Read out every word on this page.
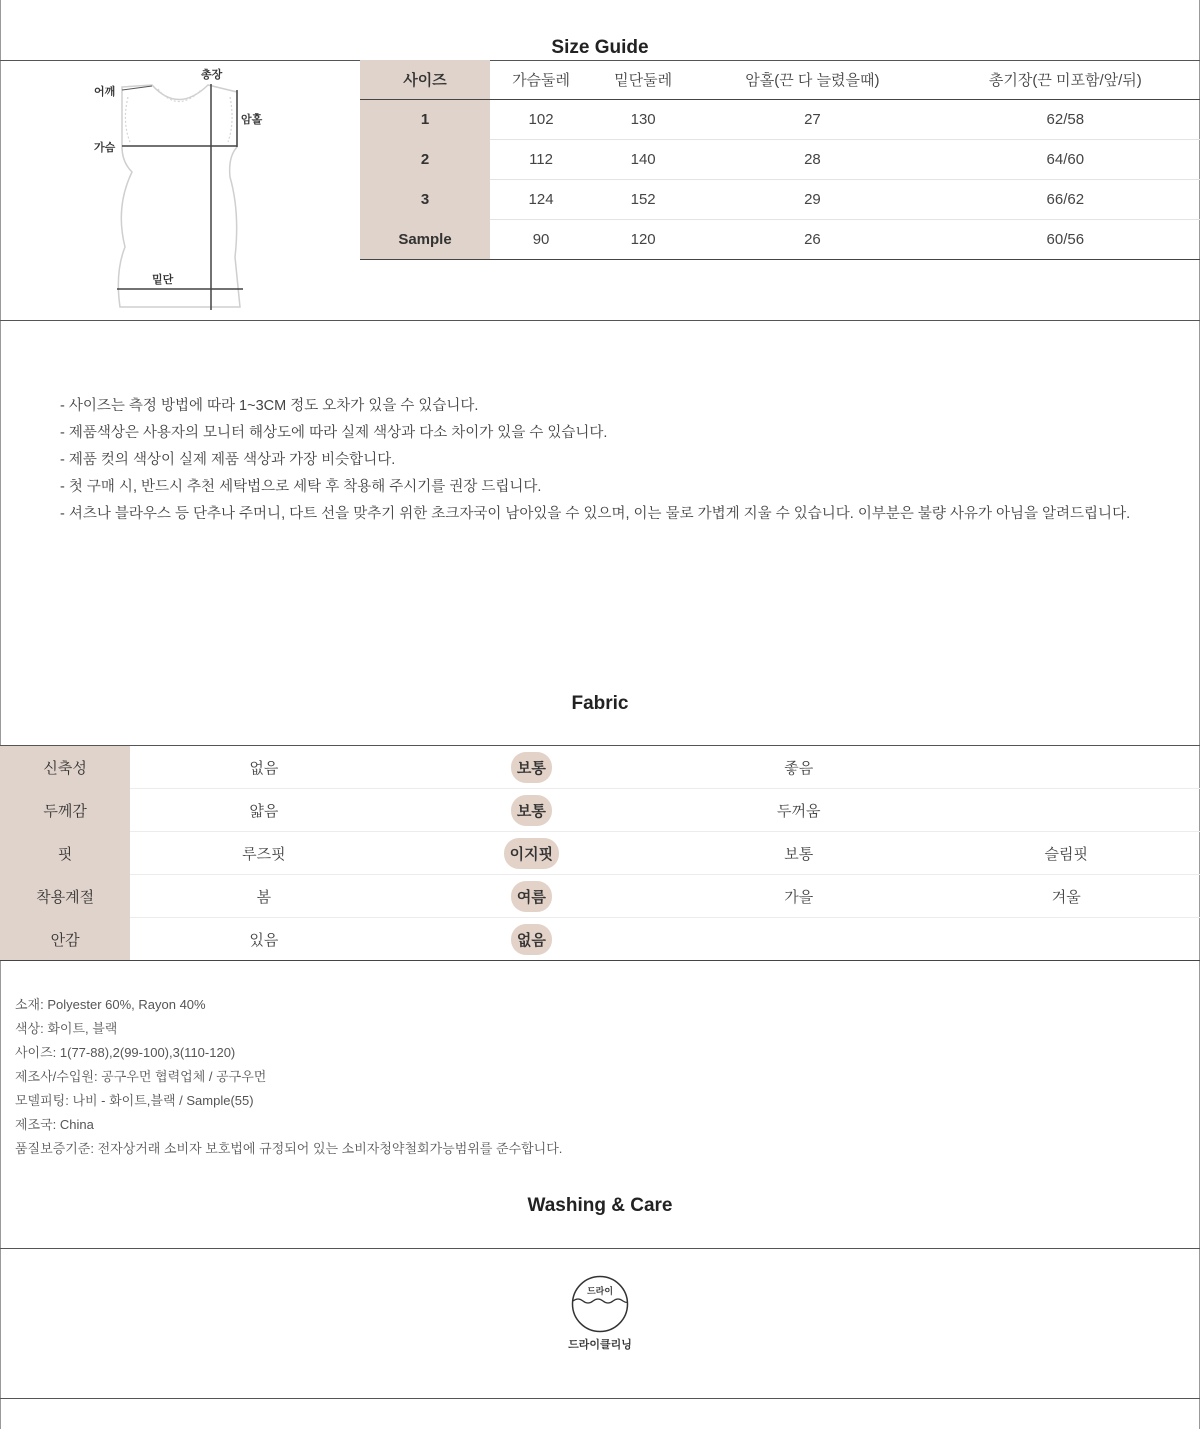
Size Guide
어깨
총장
암홀
가슴
밑단
사이즈	가슴둘레	밑단둘레	암홀(끈 다 늘렸을때)	총기장(끈 미포함/앞/뒤)
1	102	130	27	62/58
2	112	140	28	64/60
3	124	152	29	66/62
Sample	90	120	26	60/56
- 사이즈는 측정 방법에 따라 1~3CM 정도 오차가 있을 수 있습니다.
- 제품색상은 사용자의 모니터 해상도에 따라 실제 색상과 다소 차이가 있을 수 있습니다.
- 제품 컷의 색상이 실제 제품 색상과 가장 비슷합니다.
- 첫 구매 시, 반드시 추천 세탁법으로 세탁 후 착용해 주시기를 권장 드립니다.
- 셔츠나 블라우스 등 단추나 주머니, 다트 선을 맞추기 위한 초크자국이 남아있을 수 있으며, 이는 물로 가볍게 지울 수 있습니다. 이부분은 불량 사유가 아님을 알려드립니다.
Fabric
신축성	없음	보통	좋음	
두께감	얇음	보통	두꺼움	
핏	루즈핏	이지핏	보통	슬림핏
착용계절	봄	여름	가을	겨울
안감	있음	없음		
소재: Polyester 60%, Rayon 40%
색상: 화이트, 블랙
사이즈: 1(77-88),2(99-100),3(110-120)
제조사/수입원: 공구우먼 협력업체 / 공구우먼
모델피팅: 나비 - 화이트,블랙 / Sample(55)
제조국: China
품질보증기준: 전자상거래 소비자 보호법에 규정되어 있는 소비자청약철회가능범위를 준수합니다.
Washing & Care
드라이
드라이클리닝
